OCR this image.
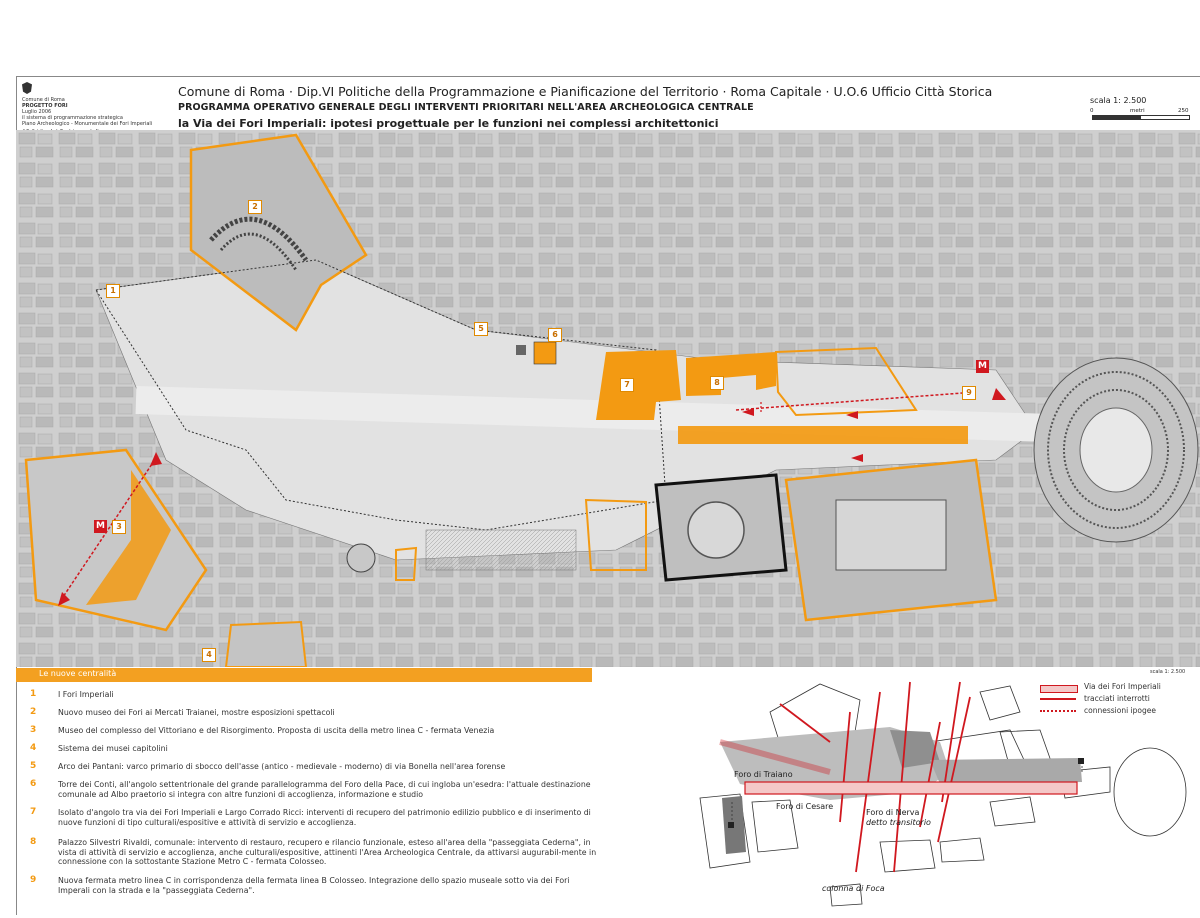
Comune di Roma
PROGETTO FORI
Luglio 2006
il sistema di programmazione strategica
Piano Archeologico - Monumentale dei Fori Imperiali
Comune di Roma · Dip.VI Politiche della Programmazione e Pianificazione del Territorio · Roma Capitale · U.O.6 Ufficio Città Storica
PROGRAMMA OPERATIVO GENERALE DEGLI INTERVENTI PRIORITARI NELL'AREA ARCHEOLOGICA CENTRALE
la Via dei Fori Imperiali: ipotesi progettuale per le funzioni nei complessi architettonici
scala 1: 2.500
0	metri	250
1
2
3
4
5
6
7	8
9
M
M
scala 1: 2.500
Le nuove centralità
1	I Fori Imperiali
2	Nuovo museo dei Fori ai Mercati Traianei, mostre esposizioni spettacoli
3	Museo del complesso del Vittoriano e del Risorgimento. Proposta di uscita della metro linea C - fermata Venezia
4	Sistema dei musei capitolini
5	Arco dei Pantani: varco primario di sbocco dell'asse (antico - medievale - moderno) di via Bonella nell'area forense
6	Torre dei Conti, all'angolo settentrionale del grande parallelogramma del Foro della Pace, di cui ingloba un'esedra: l'attuale destinazione comunale ad Albo praetorio si integra con altre funzioni di accoglienza, informazione e studio
7	Isolato d'angolo tra via dei Fori Imperiali e Largo Corrado Ricci: interventi di recupero del patrimonio edilizio pubblico e di inserimento di nuove funzioni di tipo culturali/espositive e attività di servizio e accoglienza.
8	Palazzo Silvestri Rivaldi, comunale: intervento di restauro, recupero e rilancio funzionale, esteso all'area della "passeggiata Cederna", in vista di attività di servizio e accoglienza, anche culturali/espositive, attinenti l'Area Archeologica Centrale, da attivarsi augurabil-mente in connessione con la sottostante Stazione Metro C - fermata Colosseo.
9	Nuova fermata metro linea C in corrispondenza della fermata linea B Colosseo. Integrazione dello spazio museale sotto via dei Fori Imperali con la strada e la "passeggiata Cederna".
Foro di Traiano
Foro di Cesare
Foro di Nerva
detto transitorio
colonna di Foca
Via dei Fori Imperiali
tracciati interrotti
connessioni ipogee
